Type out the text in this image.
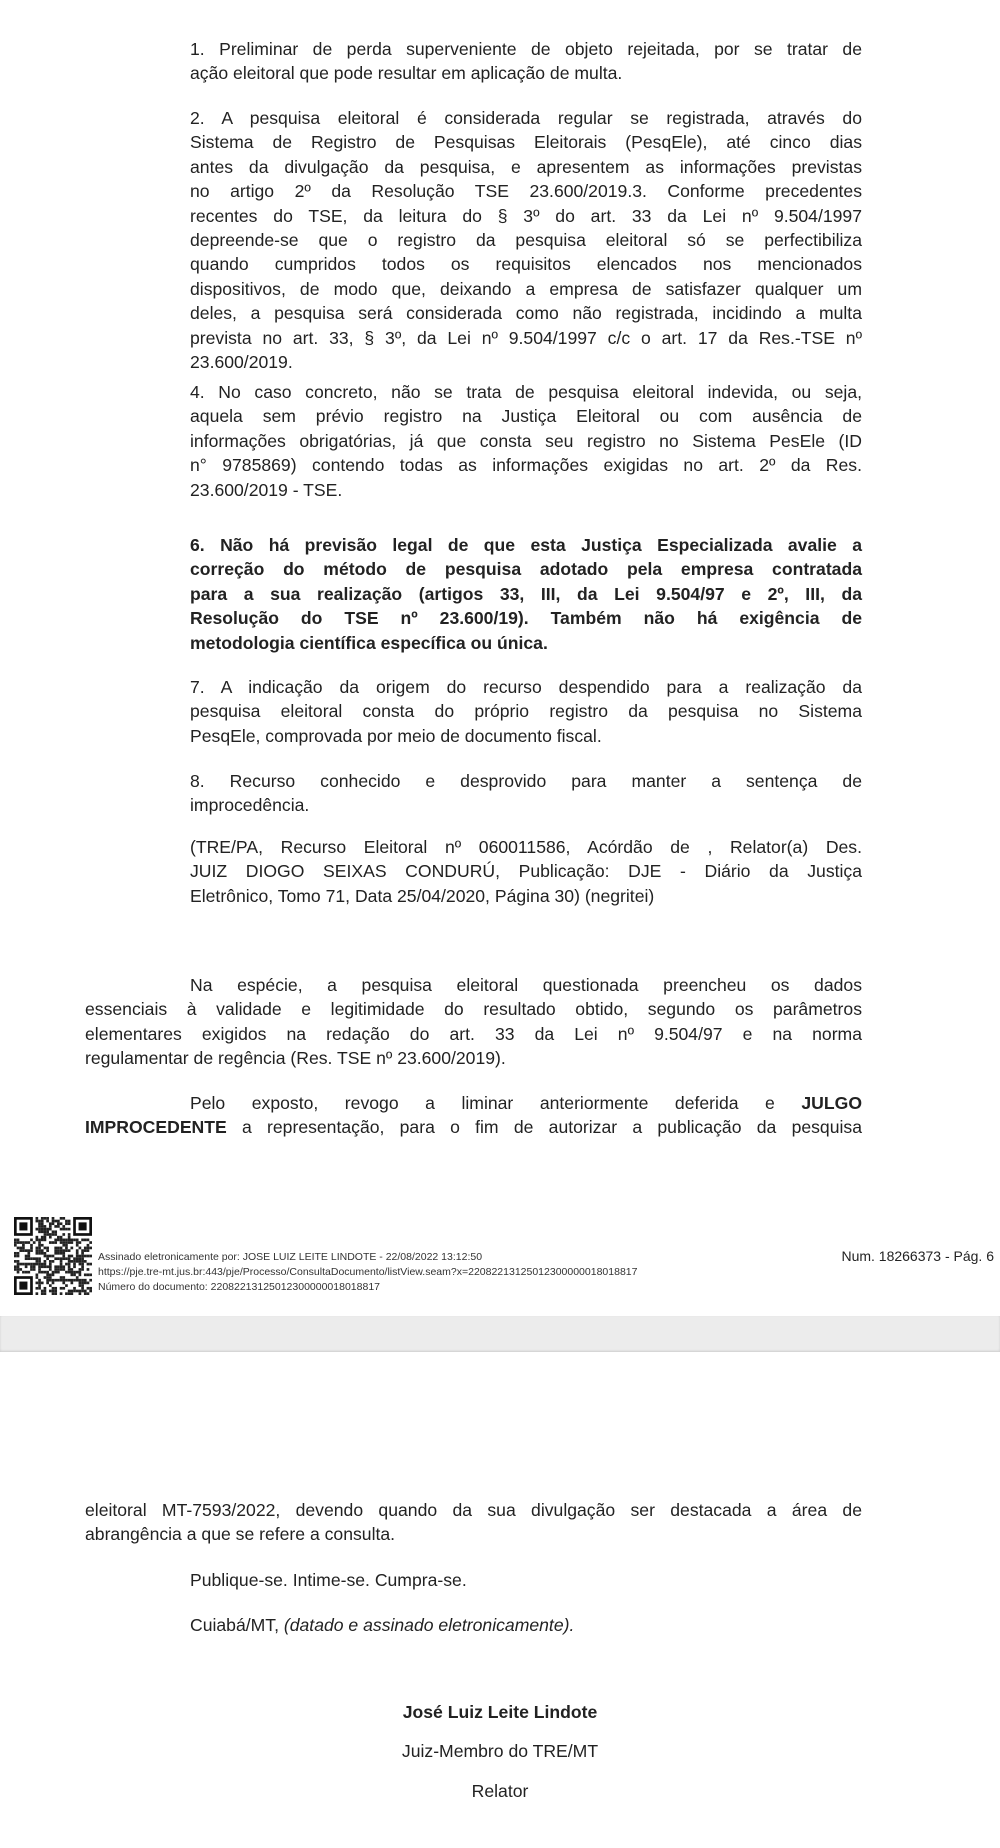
1. Preliminar de perda superveniente de objeto rejeitada, por se tratar de
ação eleitoral que pode resultar em aplicação de multa.
2. A pesquisa eleitoral é considerada regular se registrada, através do
Sistema de Registro de Pesquisas Eleitorais (PesqEle), até cinco dias
antes da divulgação da pesquisa, e apresentem as informações previstas
no artigo 2º da Resolução TSE 23.600/2019.3. Conforme precedentes
recentes do TSE, da leitura do § 3º do art. 33 da Lei nº 9.504/1997
depreende-se que o registro da pesquisa eleitoral só se perfectibiliza
quando cumpridos todos os requisitos elencados nos mencionados
dispositivos, de modo que, deixando a empresa de satisfazer qualquer um
deles, a pesquisa será considerada como não registrada, incidindo a multa
prevista no art. 33, § 3º, da Lei nº 9.504/1997 c/c o art. 17 da Res.-TSE nº
23.600/2019.
4. No caso concreto, não se trata de pesquisa eleitoral indevida, ou seja,
aquela sem prévio registro na Justiça Eleitoral ou com ausência de
informações obrigatórias, já que consta seu registro no Sistema PesEle (ID
n° 9785869) contendo todas as informações exigidas no art. 2º da Res.
23.600/2019 - TSE.
6. Não há previsão legal de que esta Justiça Especializada avalie a
correção do método de pesquisa adotado pela empresa contratada
para a sua realização (artigos 33, III, da Lei 9.504/97 e 2º, III, da
Resolução do TSE nº 23.600/19). Também não há exigência de
metodologia científica específica ou única.
7. A indicação da origem do recurso despendido para a realização da
pesquisa eleitoral consta do próprio registro da pesquisa no Sistema
PesqEle, comprovada por meio de documento fiscal.
8. Recurso conhecido e desprovido para manter a sentença de
improcedência.
(TRE/PA, Recurso Eleitoral nº 060011586, Acórdão de , Relator(a) Des.
JUIZ DIOGO SEIXAS CONDURÚ, Publicação: DJE - Diário da Justiça
Eletrônico, Tomo 71, Data 25/04/2020, Página 30) (negritei)
Na espécie, a pesquisa eleitoral questionada preencheu os dados
essenciais à validade e legitimidade do resultado obtido, segundo os parâmetros
elementares exigidos na redação do art. 33 da Lei nº 9.504/97 e na norma
regulamentar de regência (Res. TSE nº 23.600/2019).
Pelo exposto, revogo a liminar anteriormente deferida e JULGO
IMPROCEDENTE a representação, para o fim de autorizar a publicação da pesquisa
Assinado eletronicamente por: JOSE LUIZ LEITE LINDOTE - 22/08/2022 13:12:50
https://pje.tre-mt.jus.br:443/pje/Processo/ConsultaDocumento/listView.seam?x=22082213125012300000018018817
Número do documento: 22082213125012300000018018817
Num. 18266373 - Pág. 6
eleitoral MT-7593/2022, devendo quando da sua divulgação ser destacada a área de
abrangência a que se refere a consulta.
Publique-se. Intime-se. Cumpra-se.
Cuiabá/MT, (datado e assinado eletronicamente).
José Luiz Leite Lindote
Juiz-Membro do TRE/MT
Relator
